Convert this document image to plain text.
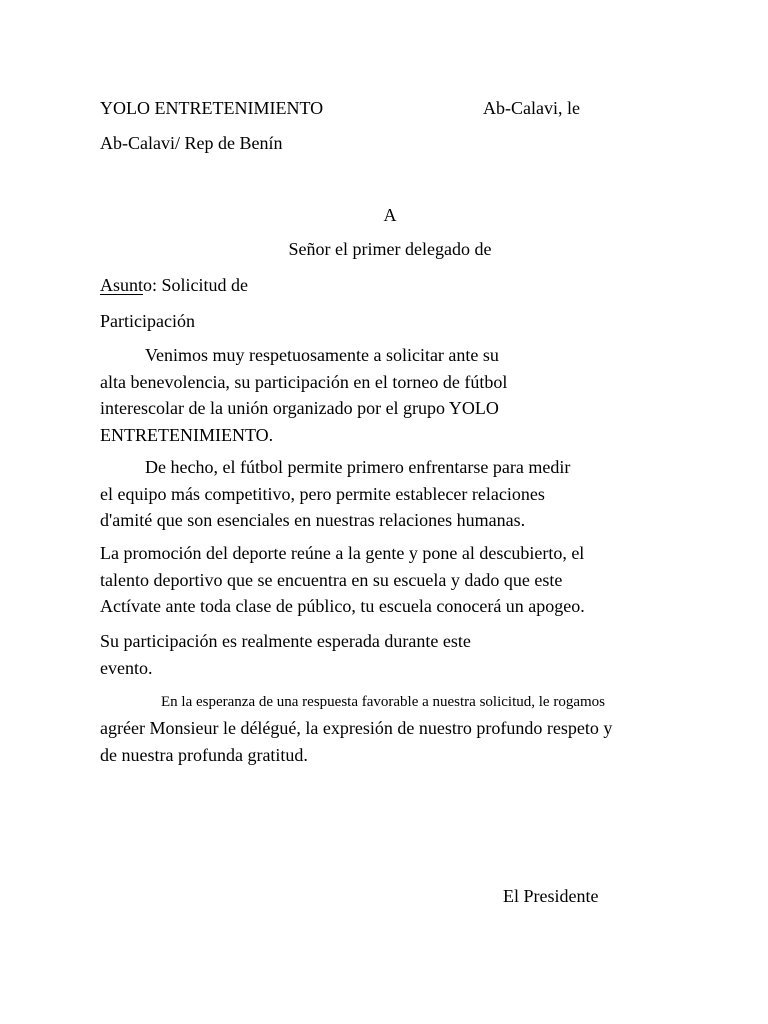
YOLO ENTRETENIMIENTO	Ab-Calavi, le
Ab-Calavi/ Rep de Benín
A
Señor el primer delegado de
Asunto: Solicitud de
Participación
Venimos muy respetuosamente a solicitar ante su
alta benevolencia, su participación en el torneo de fútbol
interescolar de la unión organizado por el grupo YOLO
ENTRETENIMIENTO.
De hecho, el fútbol permite primero enfrentarse para medir
el equipo más competitivo, pero permite establecer relaciones
d'amité que son esenciales en nuestras relaciones humanas.
La promoción del deporte reúne a la gente y pone al descubierto, el
talento deportivo que se encuentra en su escuela y dado que este
Actívate ante toda clase de público, tu escuela conocerá un apogeo.
Su participación es realmente esperada durante este
evento.
En la esperanza de una respuesta favorable a nuestra solicitud, le rogamos
agréer Monsieur le délégué, la expresión de nuestro profundo respeto y
de nuestra profunda gratitud.
El Presidente
